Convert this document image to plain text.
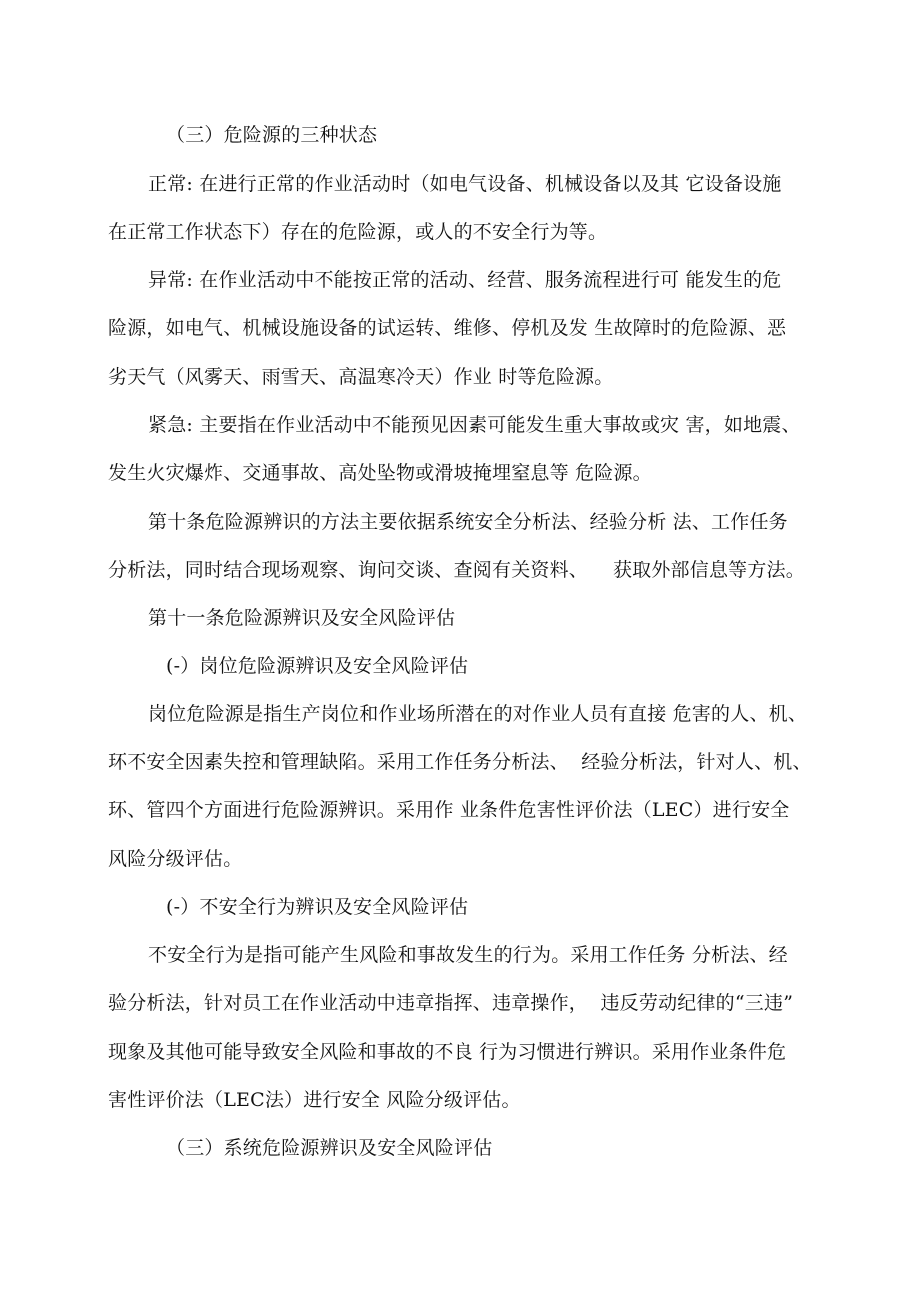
（三）危险源的三种状态
正常: 在进行正常的作业活动时（如电气设备、机械设备以及其 它设备设施
在正常工作状态下）存在的危险源，或人的不安全行为等。
异常: 在作业活动中不能按正常的活动、经营、服务流程进行可 能发生的危
险源，如电气、机械设施设备的试运转、维修、停机及发 生故障时的危险源、恶
劣天气（风雾天、雨雪天、高温寒冷天）作业 时等危险源。
紧急: 主要指在作业活动中不能预见因素可能发生重大事故或灾 害，如地震、
发生火灾爆炸、交通事故、高处坠物或滑坡掩埋窒息等 危险源。
第十条危险源辨识的方法主要依据系统安全分析法、经验分析 法、工作任务
分析法，同时结合现场观察、询问交谈、查阅有关资料、    获取外部信息等方法。
第十一条危险源辨识及安全风险评估
(-）岗位危险源辨识及安全风险评估
岗位危险源是指生产岗位和作业场所潜在的对作业人员有直接 危害的人、机、
环不安全因素失控和管理缺陷。采用工作任务分析法、  经验分析法，针对人、机、
环、管四个方面进行危险源辨识。采用作 业条件危害性评价法（LEC）进行安全
风险分级评估。
(-）不安全行为辨识及安全风险评估
不安全行为是指可能产生风险和事故发生的行为。采用工作任务 分析法、经
验分析法，针对员工在作业活动中违章指挥、违章操作，  违反劳动纪律的“三违”
现象及其他可能导致安全风险和事故的不良 行为习惯进行辨识。采用作业条件危
害性评价法（LEC法）进行安全 风险分级评估。
（三）系统危险源辨识及安全风险评估
